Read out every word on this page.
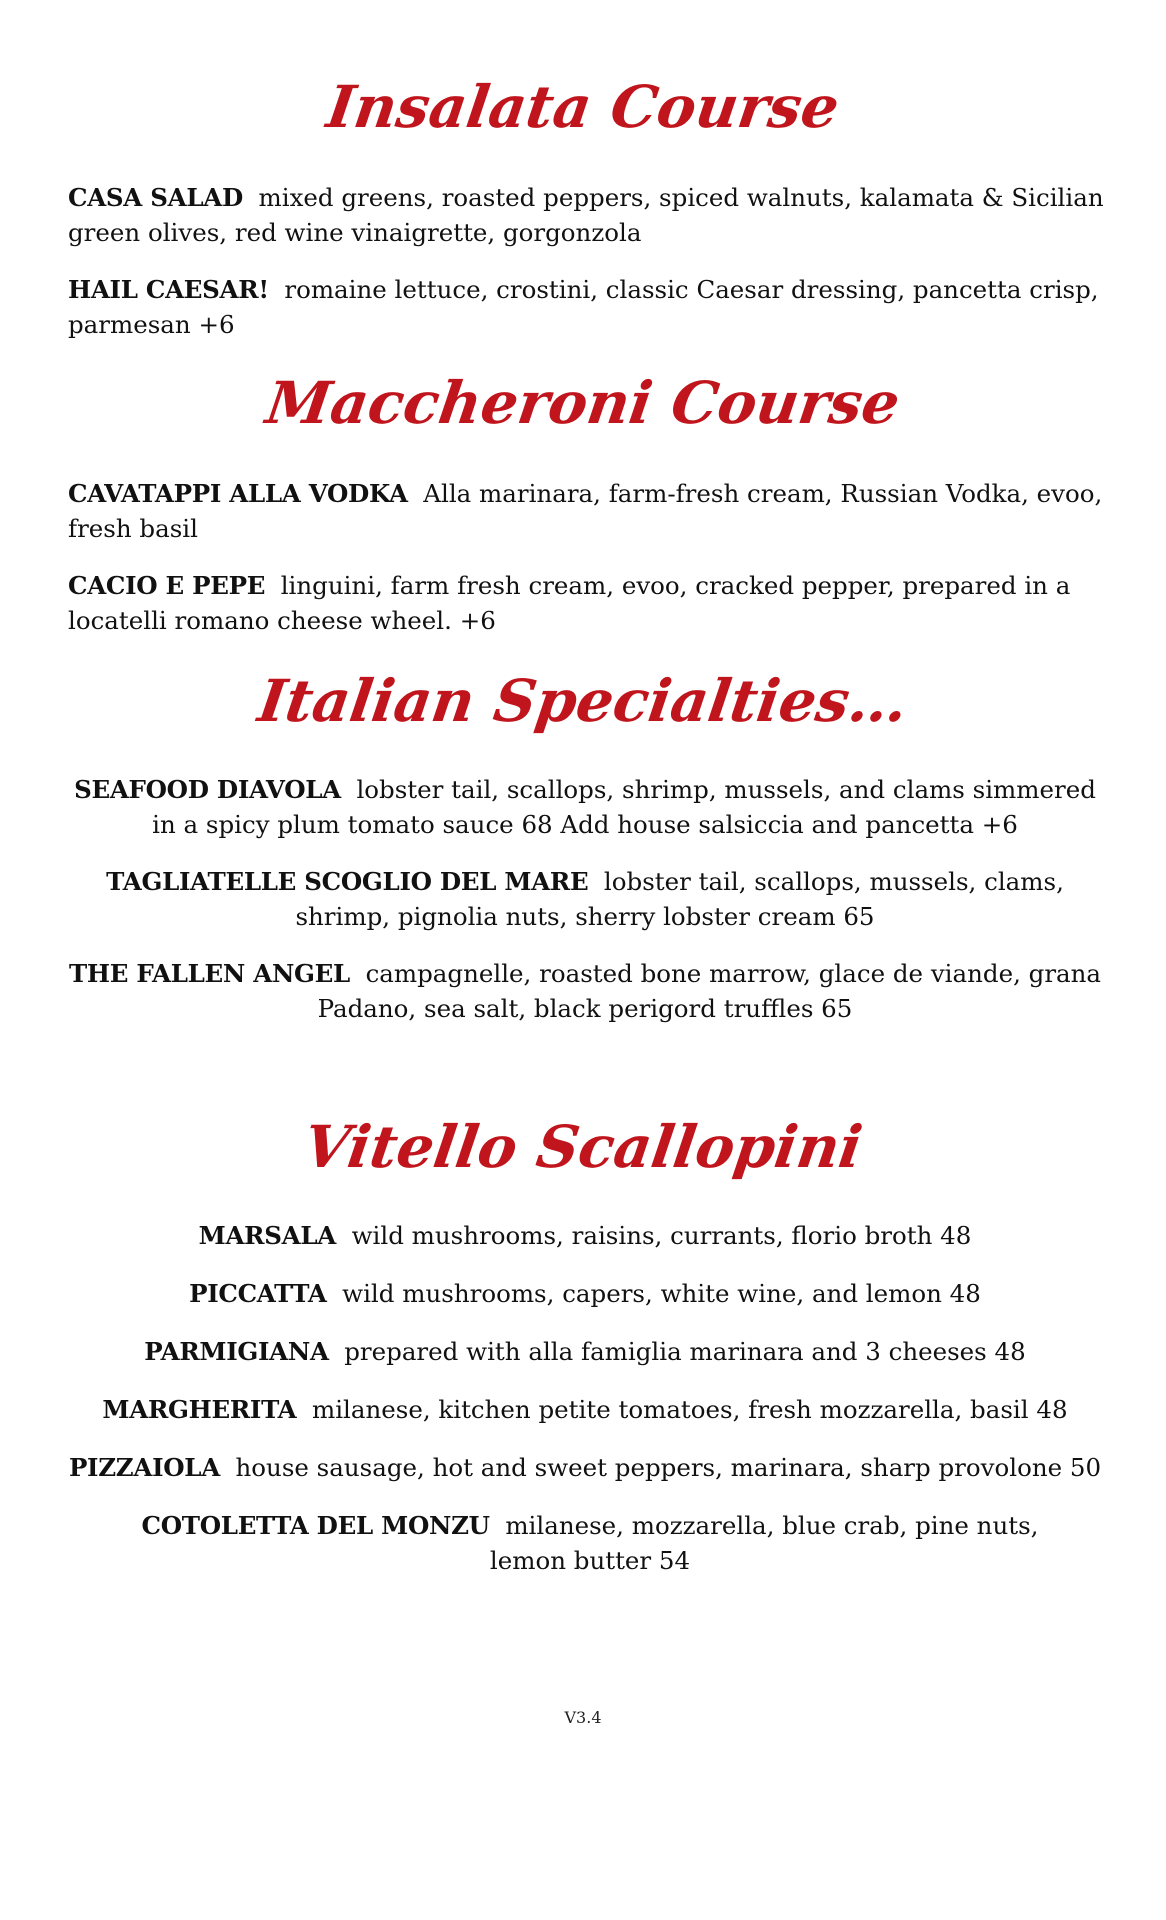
Insalata Course

CASA SALAD mixed greens, roasted peppers, spiced walnuts, kalamata & Sicilian green olives, red wine vinaigrette, gorgonzola

HAIL CAESAR! romaine lettuce, crostini, classic Caesar dressing, pancetta crisp, parmesan +6

Maccheroni Course

CAVATAPPI ALLA VODKA Alla marinara, farm-fresh cream, Russian Vodka, evoo, fresh basil

CACIO E PEPE linguini, farm fresh cream, evoo, cracked pepper, prepared in a locatelli romano cheese wheel. +6

Italian Specialties…

SEAFOOD DIAVOLA lobster tail, scallops, shrimp, mussels, and clams simmered in a spicy plum tomato sauce 68 Add house salsiccia and pancetta +6

TAGLIATELLE SCOGLIO DEL MARE lobster tail, scallops, mussels, clams, shrimp, pignolia nuts, sherry lobster cream 65

THE FALLEN ANGEL campagnelle, roasted bone marrow, glace de viande, grana Padano, sea salt, black perigord truffles 65

Vitello Scallopini

MARSALA wild mushrooms, raisins, currants, florio broth 48

PICCATTA wild mushrooms, capers, white wine, and lemon 48

PARMIGIANA prepared with alla famiglia marinara and 3 cheeses 48

MARGHERITA milanese, kitchen petite tomatoes, fresh mozzarella, basil 48

PIZZAIOLA house sausage, hot and sweet peppers, marinara, sharp provolone 50

COTOLETTA DEL MONZU milanese, mozzarella, blue crab, pine nuts, lemon butter 54

V3.4
